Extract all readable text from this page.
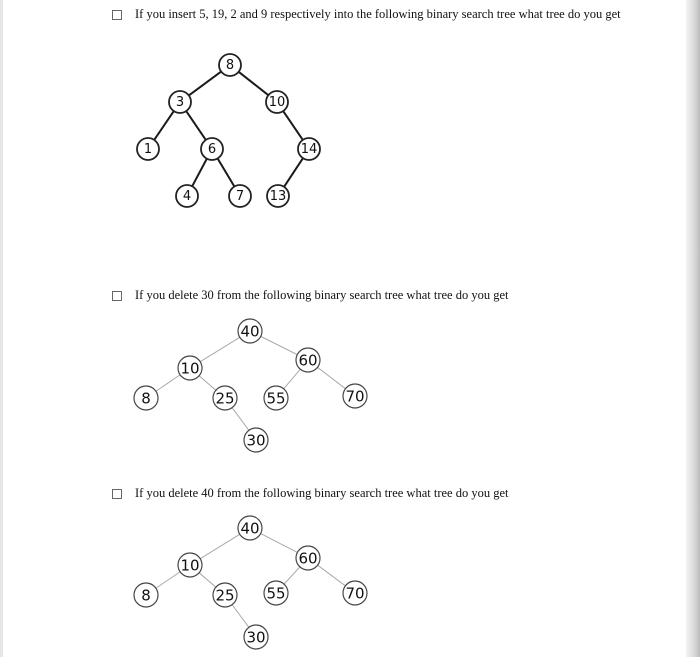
If you insert 5, 19, 2 and 9 respectively into the following binary search tree what tree do you get
8
3	10
1	6	14
4	7 13
If you delete 30 from the following binary search tree what tree do you get
40
10	60
8	25 55	70
30
If you delete 40 from the following binary search tree what tree do you get
40
10	60
8	25 55	70
30
